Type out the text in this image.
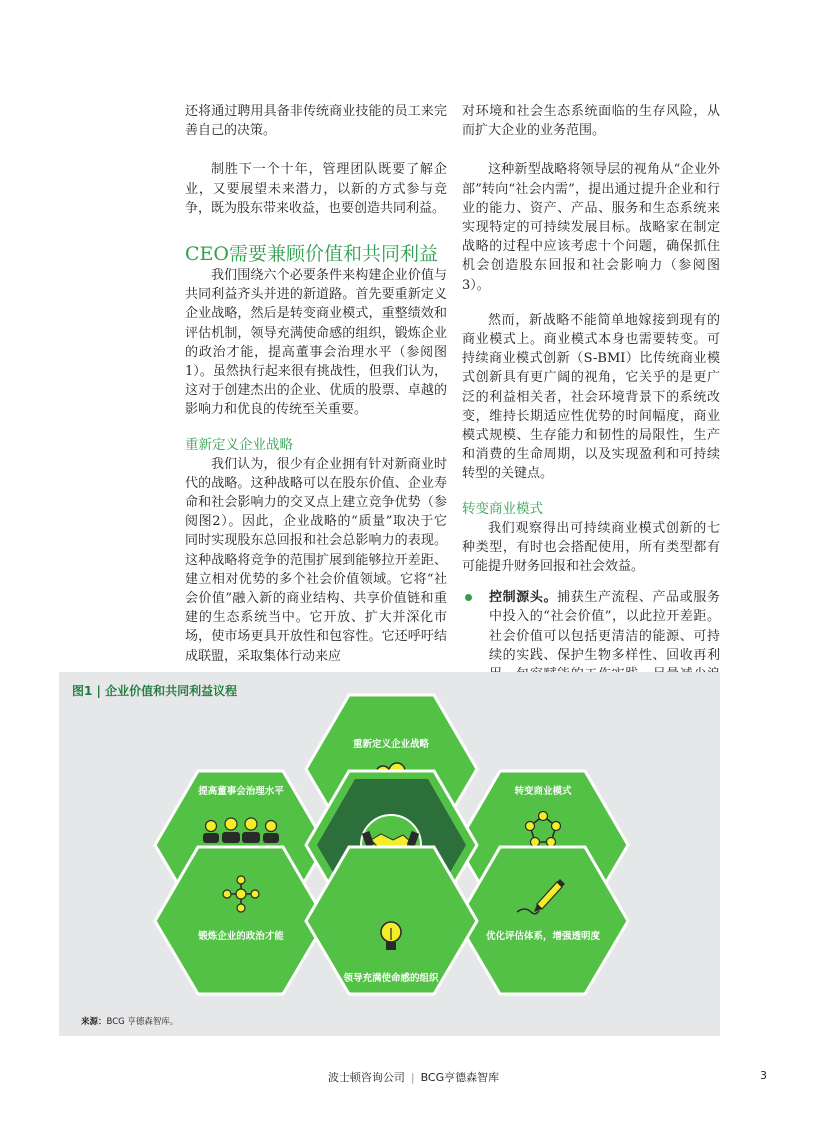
还将通过聘用具备非传统商业技能的员工来完善自己的决策。

制胜下一个十年，管理团队既要了解企业，又要展望未来潜力，以新的方式参与竞争，既为股东带来收益，也要创造共同利益。

CEO需要兼顾价值和共同利益

我们围绕六个必要条件来构建企业价值与共同利益齐头并进的新道路。首先要重新定义企业战略，然后是转变商业模式，重整绩效和评估机制，领导充满使命感的组织，锻炼企业的政治才能，提高董事会治理水平（参阅图1）。虽然执行起来很有挑战性，但我们认为，这对于创建杰出的企业、优质的股票、卓越的影响力和优良的传统至关重要。

重新定义企业战略

我们认为，很少有企业拥有针对新商业时代的战略。这种战略可以在股东价值、企业寿命和社会影响力的交叉点上建立竞争优势（参阅图2）。因此，企业战略的“质量”取决于它同时实现股东总回报和社会总影响力的表现。这种战略将竞争的范围扩展到能够拉开差距、建立相对优势的多个社会价值领域。它将“社会价值”融入新的商业结构、共享价值链和重建的生态系统当中。它开放、扩大并深化市场，使市场更具开放性和包容性。它还呼吁结成联盟，采取集体行动来应

对环境和社会生态系统面临的生存风险，从而扩大企业的业务范围。

这种新型战略将领导层的视角从“企业外部”转向“社会内需”，提出通过提升企业和行业的能力、资产、产品、服务和生态系统来实现特定的可持续发展目标。战略家在制定战略的过程中应该考虑十个问题，确保抓住机会创造股东回报和社会影响力（参阅图3）。

然而，新战略不能简单地嫁接到现有的商业模式上。商业模式本身也需要转变。可持续商业模式创新（S-BMI）比传统商业模式创新具有更广阔的视角，它关乎的是更广泛的利益相关者，社会环境背景下的系统改变，维持长期适应性优势的时间幅度，商业模式规模、生存能力和韧性的局限性，生产和消费的生命周期，以及实现盈利和可持续转型的关键点。

转变商业模式

我们观察得出可持续商业模式创新的七种类型，有时也会搭配使用，所有类型都有可能提升财务回报和社会效益。

控制源头。捕获生产流程、产品或服务中投入的“社会价值”，以此拉开差距。社会价值可以包括更清洁的能源、可持续的实践、保护生物多样性、回收再利
图1 | 企业价值和共同利益议程
重新定义企业战略
提高董事会治理水平	转变商业模式
锻炼企业的政治才能	优化评估体系，增强透明度
领导充满使命感的组织
来源：BCG 亨德森智库。
波士顿咨询公司 | BCG亨德森智库	3
